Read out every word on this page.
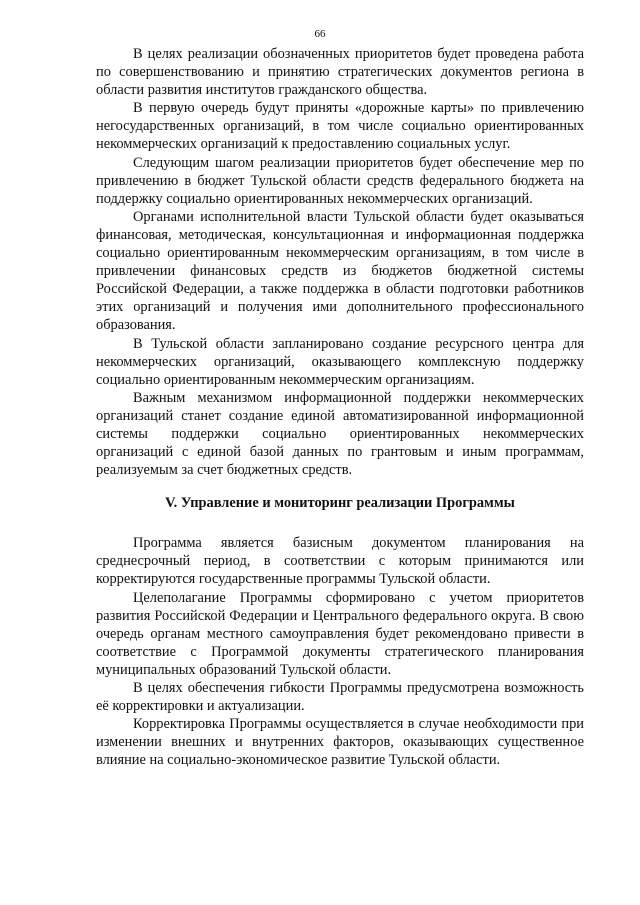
66

В целях реализации обозначенных приоритетов будет проведена работа по совершенствованию и принятию стратегических документов региона в области развития институтов гражданского общества.

В первую очередь будут приняты «дорожные карты» по привлечению негосударственных организаций, в том числе социально ориентированных некоммерческих организаций к предоставлению социальных услуг.

Следующим шагом реализации приоритетов будет обеспечение мер по привлечению в бюджет Тульской области средств федерального бюджета на поддержку социально ориентированных некоммерческих организаций.

Органами исполнительной власти Тульской области будет оказываться финансовая, методическая, консультационная и информационная поддержка социально ориентированным некоммерческим организациям, в том числе в привлечении финансовых средств из бюджетов бюджетной системы Российской Федерации, а также поддержка в области подготовки работников этих организаций и получения ими дополнительного профессионального образования.

В Тульской области запланировано создание ресурсного центра для некоммерческих организаций, оказывающего комплексную поддержку социально ориентированным некоммерческим организациям.

Важным механизмом информационной поддержки некоммерческих организаций станет создание единой автоматизированной информационной системы поддержки социально ориентированных некоммерческих организаций с единой базой данных по грантовым и иным программам, реализуемым за счет бюджетных средств.

V. Управление и мониторинг реализации Программы

Программа является базисным документом планирования на среднесрочный период, в соответствии с которым принимаются или корректируются государственные программы Тульской области.

Целеполагание Программы сформировано с учетом приоритетов развития Российской Федерации и Центрального федерального округа. В свою очередь органам местного самоуправления будет рекомендовано привести в соответствие с Программой документы стратегического планирования муниципальных образований Тульской области.

В целях обеспечения гибкости Программы предусмотрена возможность её корректировки и актуализации.

Корректировка Программы осуществляется в случае необходимости при изменении внешних и внутренних факторов, оказывающих существенное влияние на социально-экономическое развитие Тульской области.
